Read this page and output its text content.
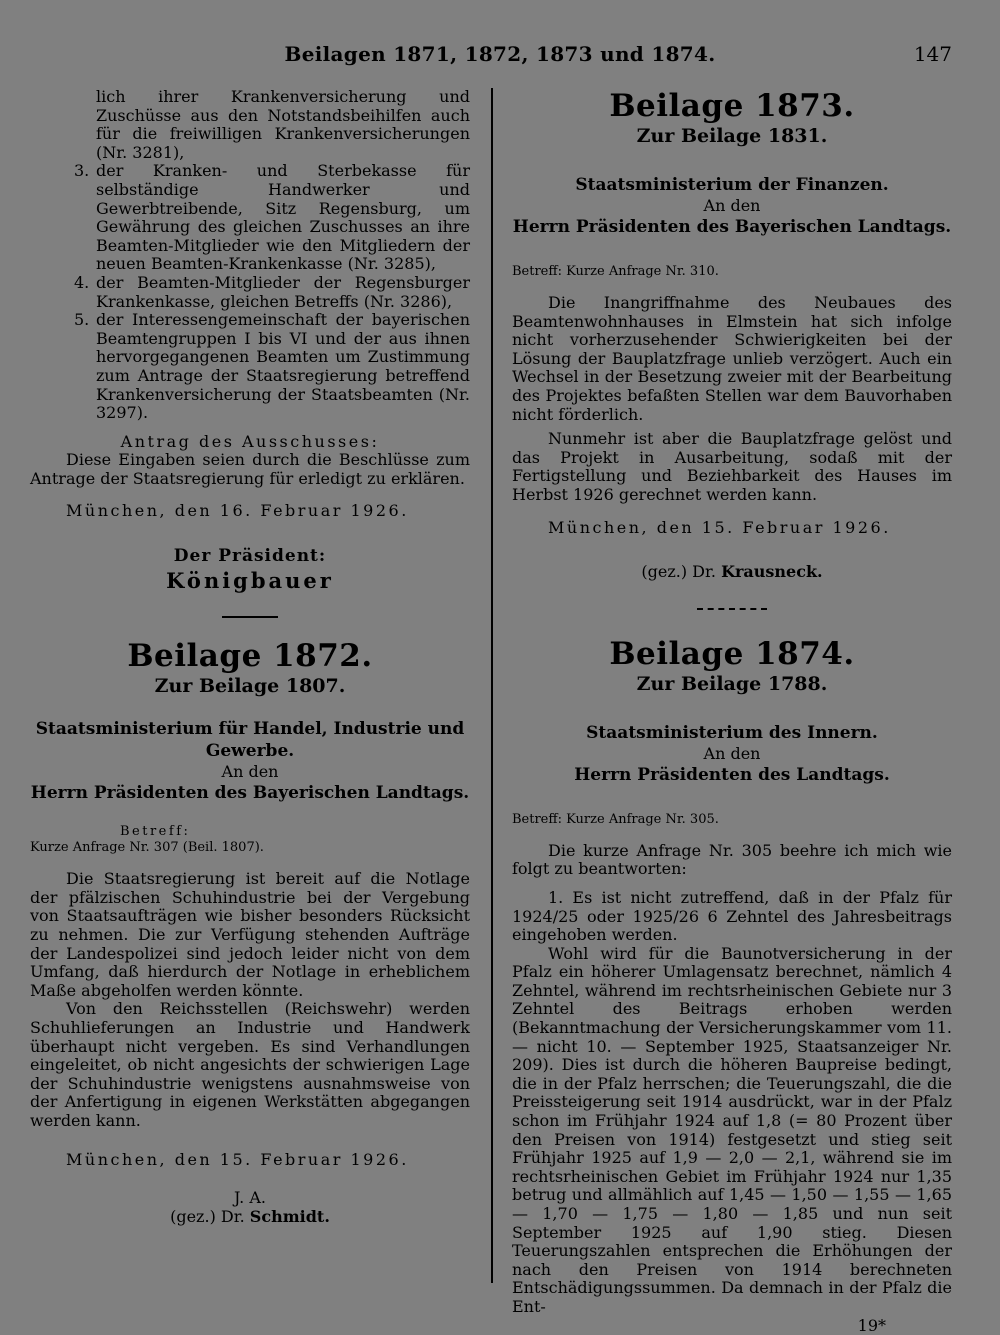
Beilagen 1871, 1872, 1873 und 1874.	147

lich ihrer Krankenversicherung und Zuschüsse aus den Notstandsbeihilfen auch für die freiwilligen Krankenversicherungen (Nr. 3281),

3. der Kranken- und Sterbekasse für selbständige Handwerker und Gewerbtreibende, Sitz Regensburg, um Gewährung des gleichen Zuschusses an ihre Beamten-Mitglieder wie den Mitgliedern der neuen Beamten-Krankenkasse (Nr. 3285),

4. der Beamten-Mitglieder der Regensburger Krankenkasse, gleichen Betreffs (Nr. 3286),

5. der Interessengemeinschaft der bayerischen Beamtengruppen I bis VI und der aus ihnen hervorgegangenen Beamten um Zustimmung zum Antrage der Staatsregierung betreffend Krankenversicherung der Staatsbeamten (Nr. 3297).

Antrag des Ausschusses:

Diese Eingaben seien durch die Beschlüsse zum Antrage der Staatsregierung für erledigt zu erklären.

München, den 16. Februar 1926.

Der Präsident:

Königbauer

Beilage 1872.
Zur Beilage 1807.
Staatsministerium für Handel, Industrie und Gewerbe.
An den
Herrn Präsidenten des Bayerischen Landtags.

Betreff:

Kurze Anfrage Nr. 307 (Beil. 1807).

Die Staatsregierung ist bereit auf die Notlage der pfälzischen Schuhindustrie bei der Vergebung von Staatsaufträgen wie bisher besonders Rücksicht zu nehmen. Die zur Verfügung stehenden Aufträge der Landespolizei sind jedoch leider nicht von dem Umfang, daß hierdurch der Notlage in erheblichem Maße abgeholfen werden könnte.

Von den Reichsstellen (Reichswehr) werden Schuhlieferungen an Industrie und Handwerk überhaupt nicht vergeben. Es sind Verhandlungen eingeleitet, ob nicht angesichts der schwierigen Lage der Schuhindustrie wenigstens ausnahmsweise von der Anfertigung in eigenen Werkstätten abgegangen werden kann.

München, den 15. Februar 1926.

J. A.

(gez.) Dr. Schmidt.

Beilage 1873.
Zur Beilage 1831.
Staatsministerium der Finanzen.
An den
Herrn Präsidenten des Bayerischen Landtags.

Betreff: Kurze Anfrage Nr. 310.

Die Inangriffnahme des Neubaues des Beamtenwohnhauses in Elmstein hat sich infolge nicht vorherzusehender Schwierigkeiten bei der Lösung der Bauplatzfrage unlieb verzögert. Auch ein Wechsel in der Besetzung zweier mit der Bearbeitung des Projektes befaßten Stellen war dem Bauvorhaben nicht förderlich.

Nunmehr ist aber die Bauplatzfrage gelöst und das Projekt in Ausarbeitung, sodaß mit der Fertigstellung und Beziehbarkeit des Hauses im Herbst 1926 gerechnet werden kann.

München, den 15. Februar 1926.

(gez.) Dr. Krausneck.

Beilage 1874.
Zur Beilage 1788.
Staatsministerium des Innern.
An den
Herrn Präsidenten des Landtags.

Betreff: Kurze Anfrage Nr. 305.

Die kurze Anfrage Nr. 305 beehre ich mich wie folgt zu beantworten:

1. Es ist nicht zutreffend, daß in der Pfalz für 1924/25 oder 1925/26 6 Zehntel des Jahresbeitrags eingehoben werden.

Wohl wird für die Baunotversicherung in der Pfalz ein höherer Umlagensatz berechnet, nämlich 4 Zehntel, während im rechtsrheinischen Gebiete nur 3 Zehntel des Beitrags erhoben werden (Bekanntmachung der Versicherungskammer vom 11. — nicht 10. — September 1925, Staatsanzeiger Nr. 209). Dies ist durch die höheren Baupreise bedingt, die in der Pfalz herrschen; die Teuerungszahl, die die Preissteigerung seit 1914 ausdrückt, war in der Pfalz schon im Frühjahr 1924 auf 1,8 (= 80 Prozent über den Preisen von 1914) festgesetzt und stieg seit Frühjahr 1925 auf 1,9 — 2,0 — 2,1, während sie im rechtsrheinischen Gebiet im Frühjahr 1924 nur 1,35 betrug und allmählich auf 1,45 — 1,50 — 1,55 — 1,65 — 1,70 — 1,75 — 1,80 — 1,85 und nun seit September 1925 auf 1,90 stieg. Diesen Teuerungszahlen entsprechen die Erhöhungen der nach den Preisen von 1914 berechneten Entschädigungssummen. Da demnach in der Pfalz die Ent-

19*
